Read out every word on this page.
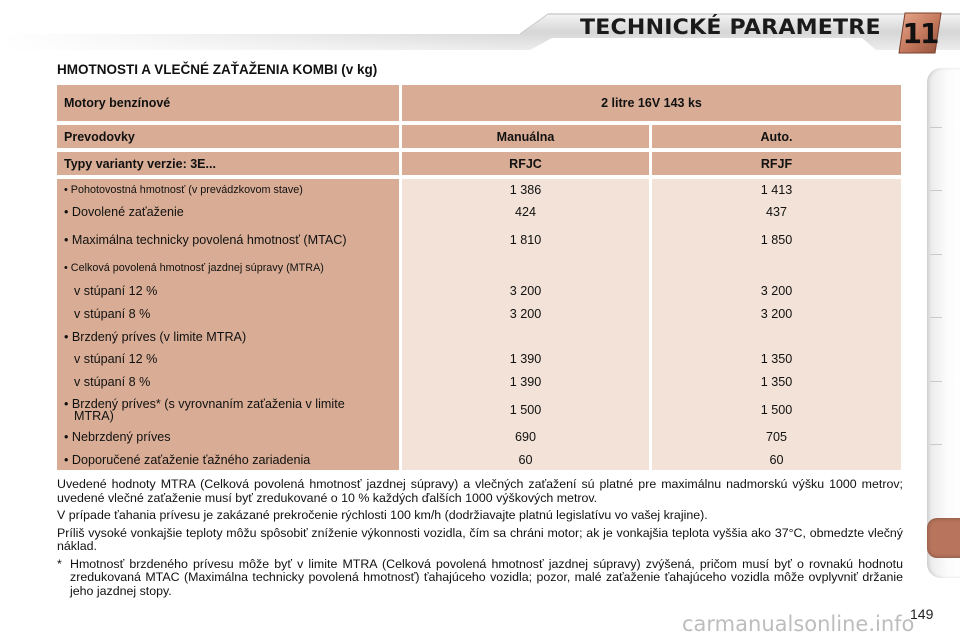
TECHNICKÉ PARAMETRE 11
HMOTNOSTI A VLEČNÉ ZAŤAŽENIA KOMBI (v kg)
Motory benzínové	2 litre 16V 143 ks
Prevodovky	Manuálna	Auto.
Typy varianty verzie: 3E...	RFJC	RFJF
• Pohotovostná hmotnosť (v prevádzkovom stave)	1 386	1 413
• Dovolené zaťaženie	424	437
• Maximálna technicky povolená hmotnosť (MTAC)	1 810	1 850
• Celková povolená hmotnosť jazdnej súpravy (MTRA)
v stúpaní 12 %	3 200	3 200
v stúpaní 8 %	3 200	3 200
• Brzdený príves (v limite MTRA)
v stúpaní 12 %	1 390	1 350
v stúpaní 8 %	1 390	1 350
• Brzdený príves* (s vyrovnaním zaťaženia v limite MTRA)	1 500	1 500
• Nebrzdený príves	690	705
• Doporučené zaťaženie ťažného zariadenia	60	60

Uvedené hodnoty MTRA (Celková povolená hmotnosť jazdnej súpravy) a vlečných zaťažení sú platné pre maximálnu nadmorskú výšku 1000 metrov; uvedené vlečné zaťaženie musí byť zredukované o 10 % každých ďalších 1000 výškových metrov.

V prípade ťahania prívesu je zakázané prekročenie rýchlosti 100 km/h (dodržiavajte platnú legislatívu vo vašej krajine).

Príliš vysoké vonkajšie teploty môžu spôsobiť zníženie výkonnosti vozidla, čím sa chráni motor; ak je vonkajšia teplota vyššia ako 37°C, obmedzte vlečný náklad.

* Hmotnosť brzdeného prívesu môže byť v limite MTRA (Celková povolená hmotnosť jazdnej súpravy) zvýšená, pričom musí byť o rovnakú hodnotu zredukovaná MTAC (Maximálna technicky povolená hmotnosť) ťahajúceho vozidla; pozor, malé zaťaženie ťahajúceho vozidla môže ovplyvniť držanie jeho jazdnej stopy.
carmanualsonline.info
149
